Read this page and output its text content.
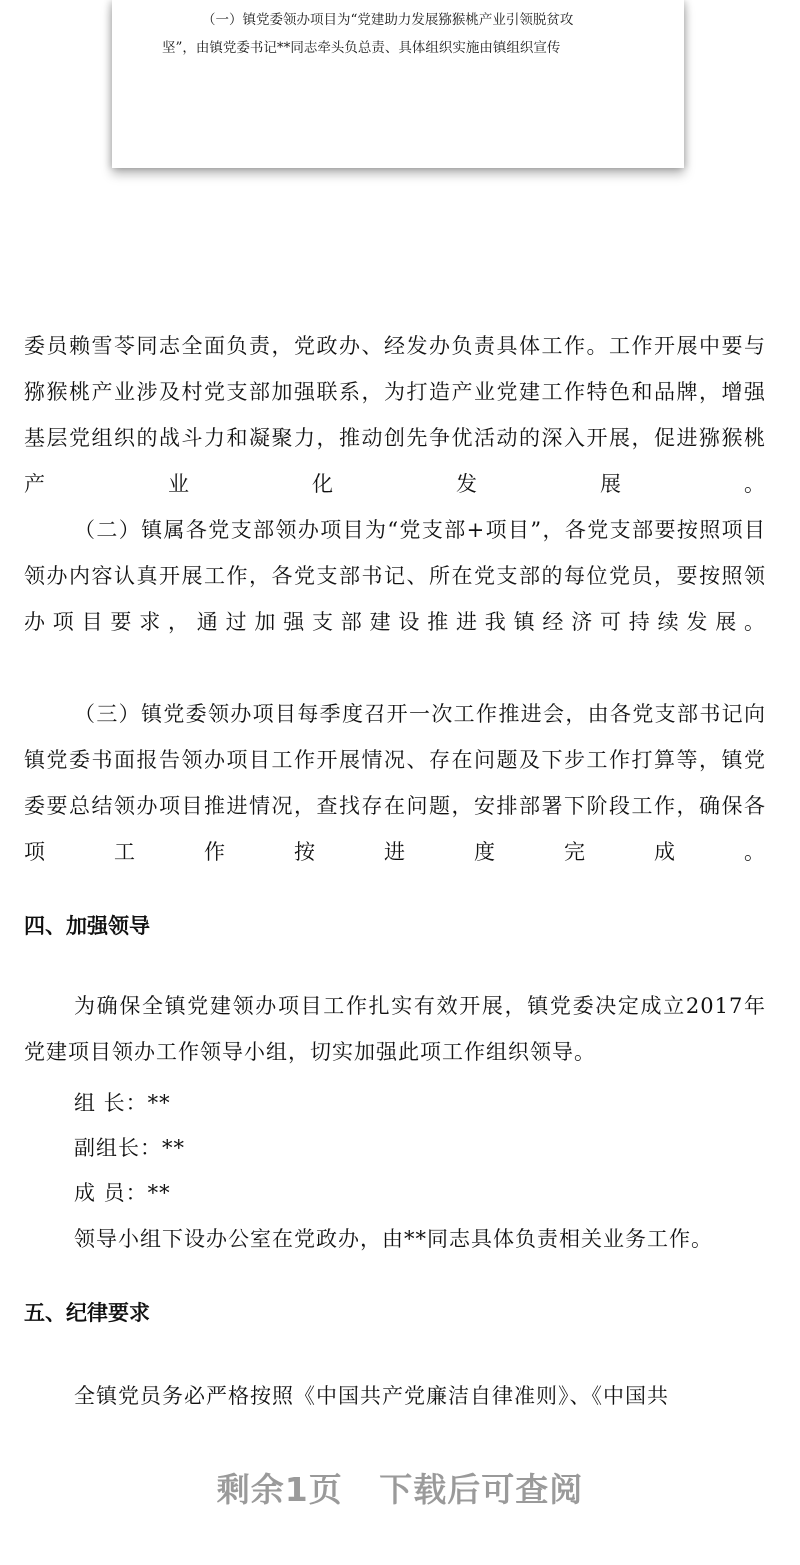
（一）镇党委领办项目为“党建助力发展猕猴桃产业引领脱贫攻
坚”，由镇党委书记**同志牵头负总责、具体组织实施由镇组织宣传
委员赖雪苓同志全面负责，党政办、经发办负责具体工作。工作开展中要与猕猴桃产业涉及村党支部加强联系，为打造产业党建工作特色和品牌，增强基层党组织的战斗力和凝聚力，推动创先争优活动的深入开展，促进猕猴桃产业化发展。
（二）镇属各党支部领办项目为“党支部+项目”，各党支部要按照项目领办内容认真开展工作，各党支部书记、所在党支部的每位党员，要按照领办项目要求，通过加强支部建设推进我镇经济可持续发展。
（三）镇党委领办项目每季度召开一次工作推进会，由各党支部书记向镇党委书面报告领办项目工作开展情况、存在问题及下步工作打算等，镇党委要总结领办项目推进情况，查找存在问题，安排部署下阶段工作，确保各项工作按进度完成。
四、加强领导
为确保全镇党建领办项目工作扎实有效开展，镇党委决定成立2017年党建项目领办工作领导小组，切实加强此项工作组织领导。
组 长：**
副组长：**
成 员：**
领导小组下设办公室在党政办，由**同志具体负责相关业务工作。
五、纪律要求
全镇党员务必严格按照《中国共产党廉洁自律准则》、《中国共
剩余1页 下载后可查阅
